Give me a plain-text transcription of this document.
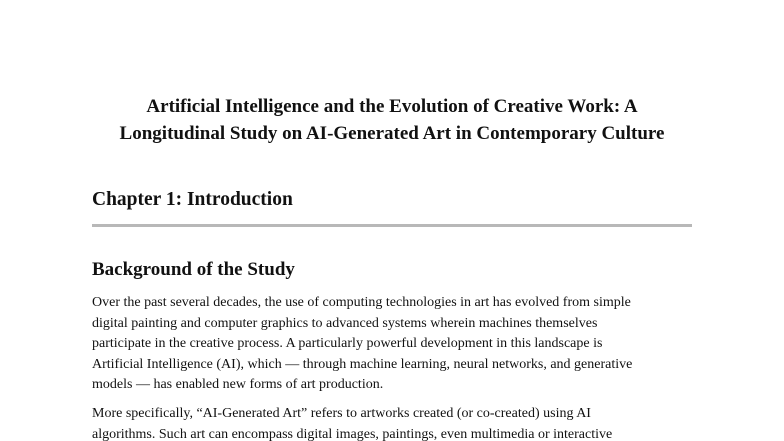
Artificial Intelligence and the Evolution of Creative Work: A
Longitudinal Study on AI-Generated Art in Contemporary Culture
Chapter 1: Introduction
Background of the Study

Over the past several decades, the use of computing technologies in art has evolved from simple
digital painting and computer graphics to advanced systems wherein machines themselves
participate in the creative process. A particularly powerful development in this landscape is
Artificial Intelligence (AI), which — through machine learning, neural networks, and generative
models — has enabled new forms of art production.

More specifically, “AI-Generated Art” refers to artworks created (or co-created) using AI
algorithms. Such art can encompass digital images, paintings, even multimedia or interactive
